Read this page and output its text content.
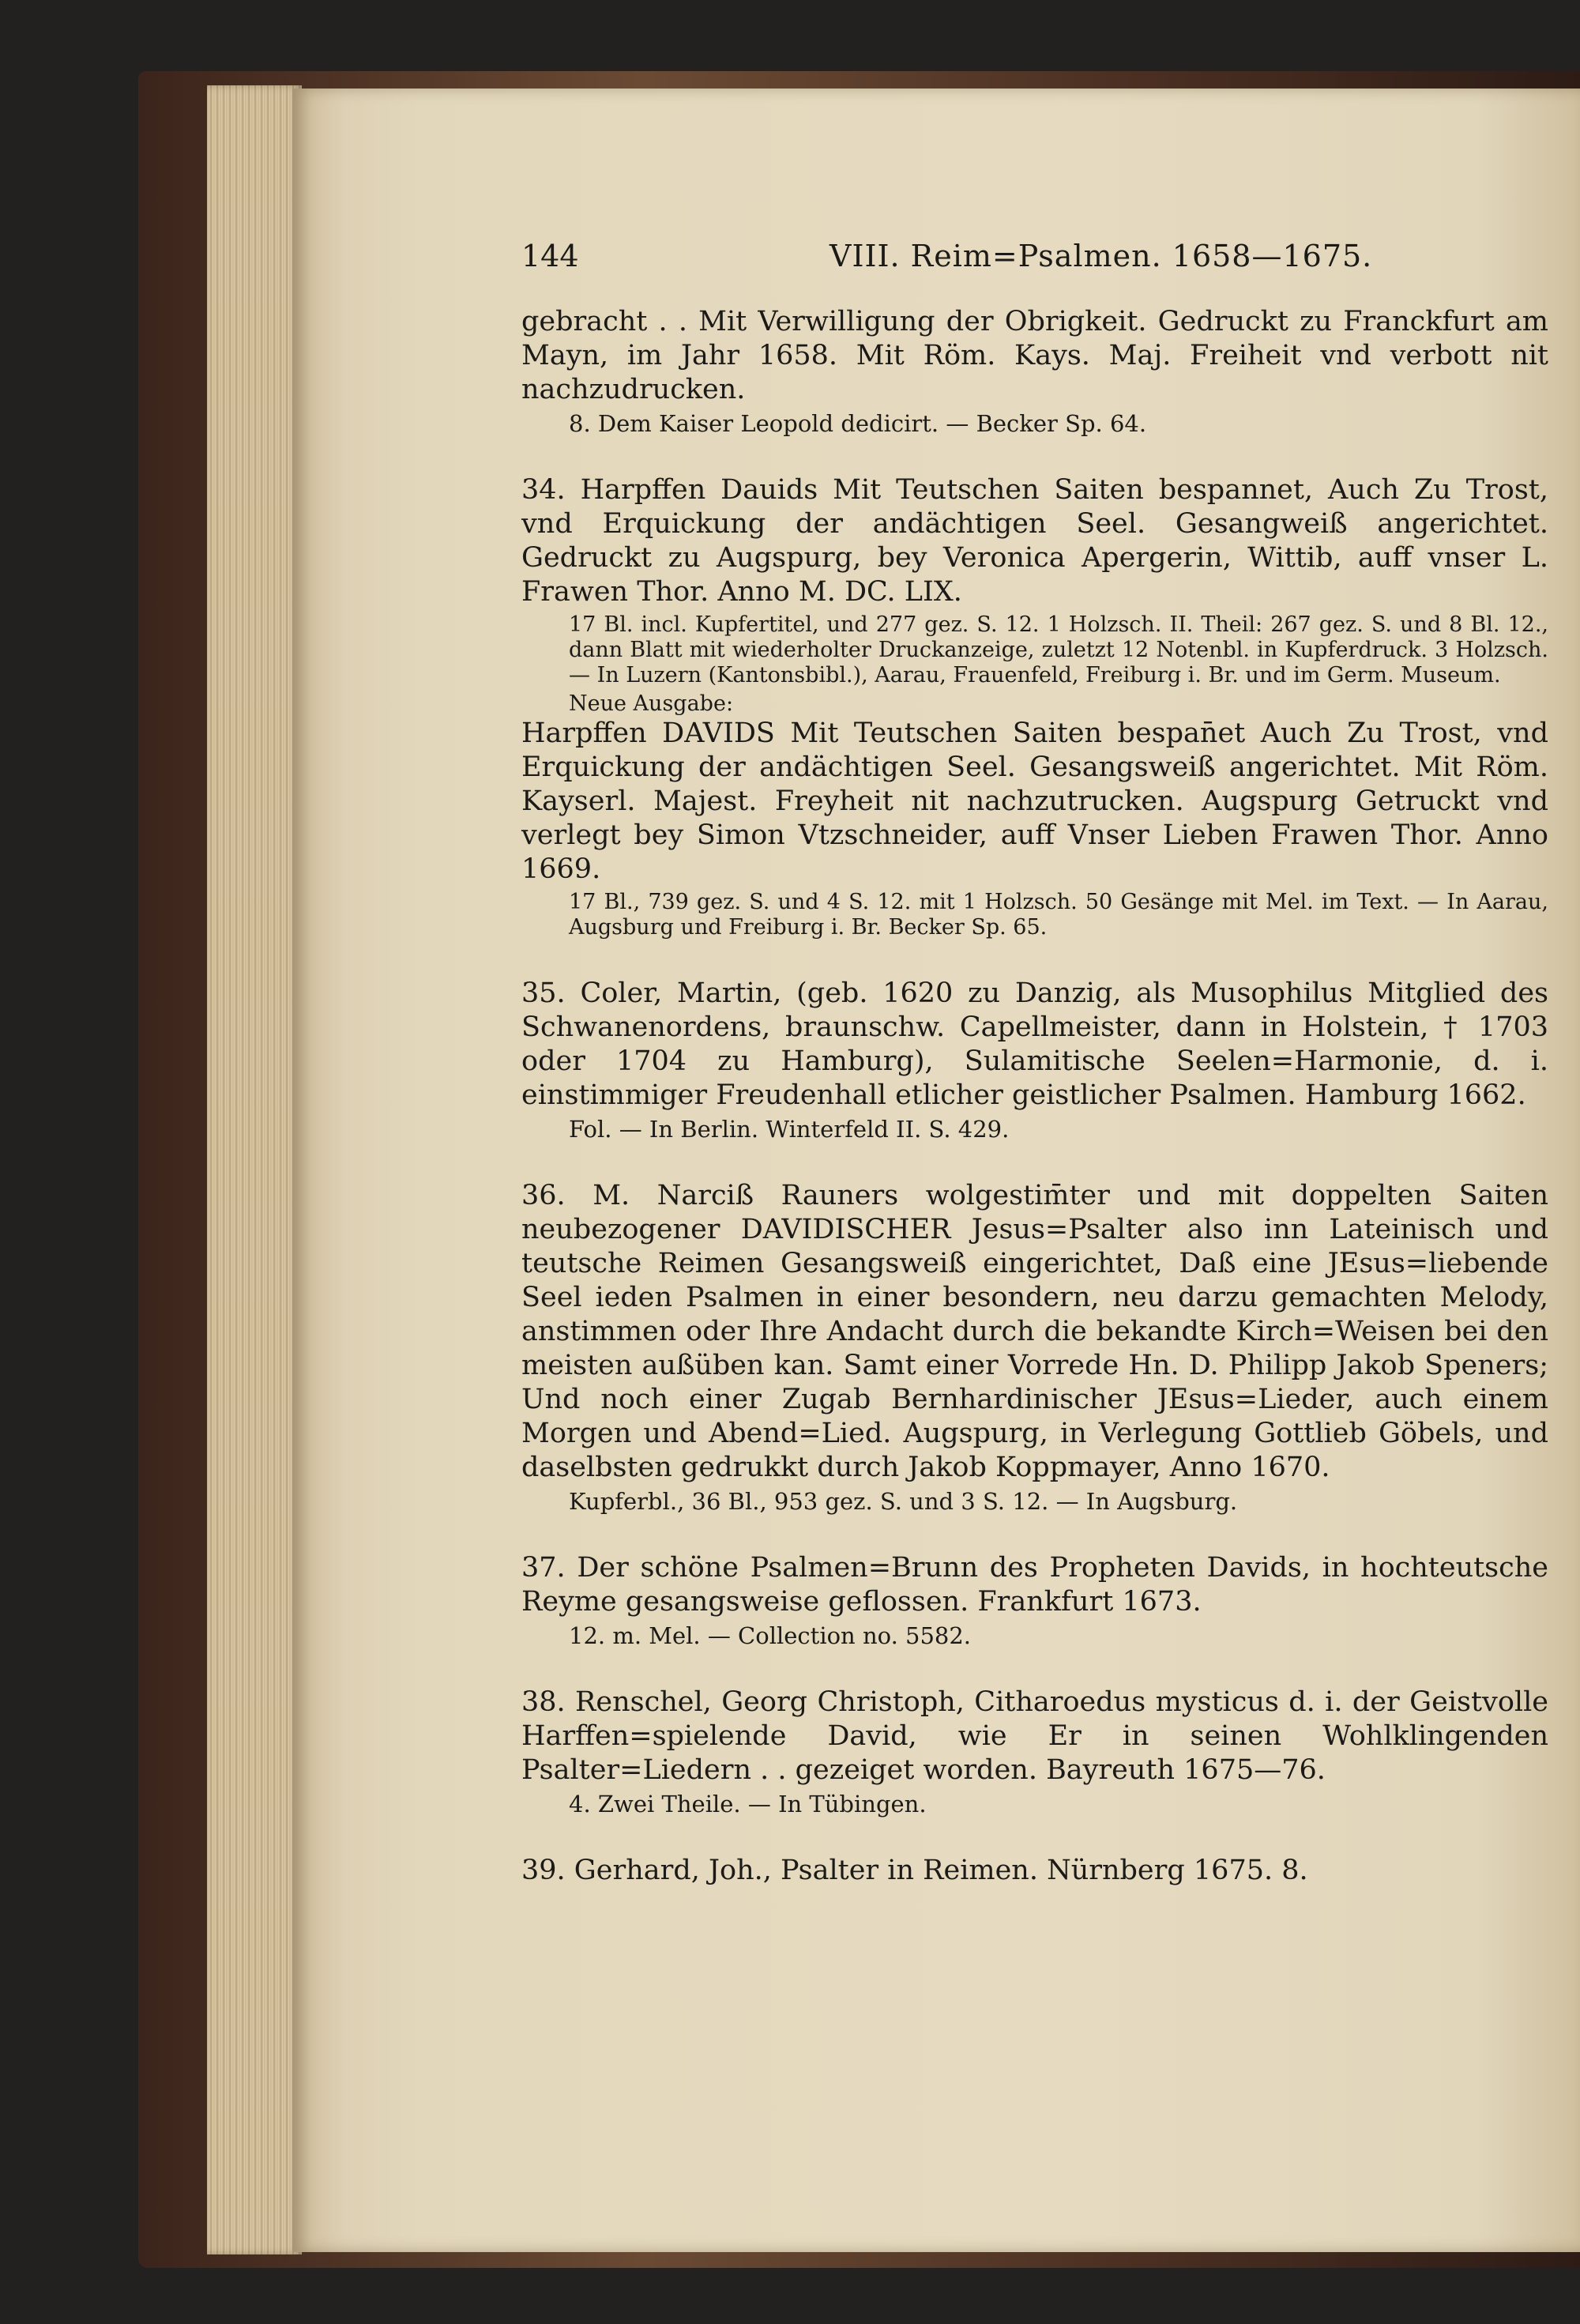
144	VIII. Reim=Psalmen. 1658—1675.

gebracht . . Mit Verwilligung der Obrigkeit. Gedruckt zu Franckfurt am Mayn, im Jahr 1658. Mit Röm. Kays. Maj. Freiheit vnd verbott nit nachzudrucken.

8. Dem Kaiser Leopold dedicirt. — Becker Sp. 64.

34. Harpffen Dauids Mit Teutschen Saiten bespannet, Auch Zu Trost, vnd Erquickung der andächtigen Seel. Gesangweiß angerichtet. Gedruckt zu Augspurg, bey Veronica Apergerin, Wittib, auff vnser L. Frawen Thor. Anno M. DC. LIX.

17 Bl. incl. Kupfertitel, und 277 gez. S. 12. 1 Holzsch. II. Theil: 267 gez. S. und 8 Bl. 12., dann Blatt mit wiederholter Druckanzeige, zuletzt 12 Notenbl. in Kupferdruck. 3 Holzsch. — In Luzern (Kantonsbibl.), Aarau, Frauenfeld, Freiburg i. Br. und im Germ. Museum.

Neue Ausgabe:

Harpffen DAVIDS Mit Teutschen Saiten bespan̄et Auch Zu Trost, vnd Erquickung der andächtigen Seel. Gesangsweiß angerichtet. Mit Röm. Kayserl. Majest. Freyheit nit nachzutrucken. Augspurg Getruckt vnd verlegt bey Simon Vtzschneider, auff Vnser Lieben Frawen Thor. Anno 1669.

17 Bl., 739 gez. S. und 4 S. 12. mit 1 Holzsch. 50 Gesänge mit Mel. im Text. — In Aarau, Augsburg und Freiburg i. Br. Becker Sp. 65.

35. Coler, Martin, (geb. 1620 zu Danzig, als Musophilus Mitglied des Schwanenordens, braunschw. Capellmeister, dann in Holstein, † 1703 oder 1704 zu Hamburg), Sulamitische Seelen=Harmonie, d. i. einstimmiger Freudenhall etlicher geistlicher Psalmen. Hamburg 1662.

Fol. — In Berlin. Winterfeld II. S. 429.

36. M. Narciß Rauners wolgestim̄ter und mit doppelten Saiten neubezogener DAVIDISCHER Jesus=Psalter also inn Lateinisch und teutsche Reimen Gesangsweiß eingerichtet, Daß eine JEsus=liebende Seel ieden Psalmen in einer besondern, neu darzu gemachten Melody, anstimmen oder Ihre Andacht durch die bekandte Kirch=Weisen bei den meisten außüben kan. Samt einer Vorrede Hn. D. Philipp Jakob Speners; Und noch einer Zugab Bernhardinischer JEsus=Lieder, auch einem Morgen und Abend=Lied. Augspurg, in Verlegung Gottlieb Göbels, und daselbsten gedrukkt durch Jakob Koppmayer, Anno 1670.

Kupferbl., 36 Bl., 953 gez. S. und 3 S. 12. — In Augsburg.

37. Der schöne Psalmen=Brunn des Propheten Davids, in hochteutsche Reyme gesangsweise geflossen. Frankfurt 1673.

12. m. Mel. — Collection no. 5582.

38. Renschel, Georg Christoph, Citharoedus mysticus d. i. der Geistvolle Harffen=spielende David, wie Er in seinen Wohlklingenden Psalter=Liedern . . gezeiget worden. Bayreuth 1675—76.

4. Zwei Theile. — In Tübingen.

39. Gerhard, Joh., Psalter in Reimen. Nürnberg 1675. 8.
